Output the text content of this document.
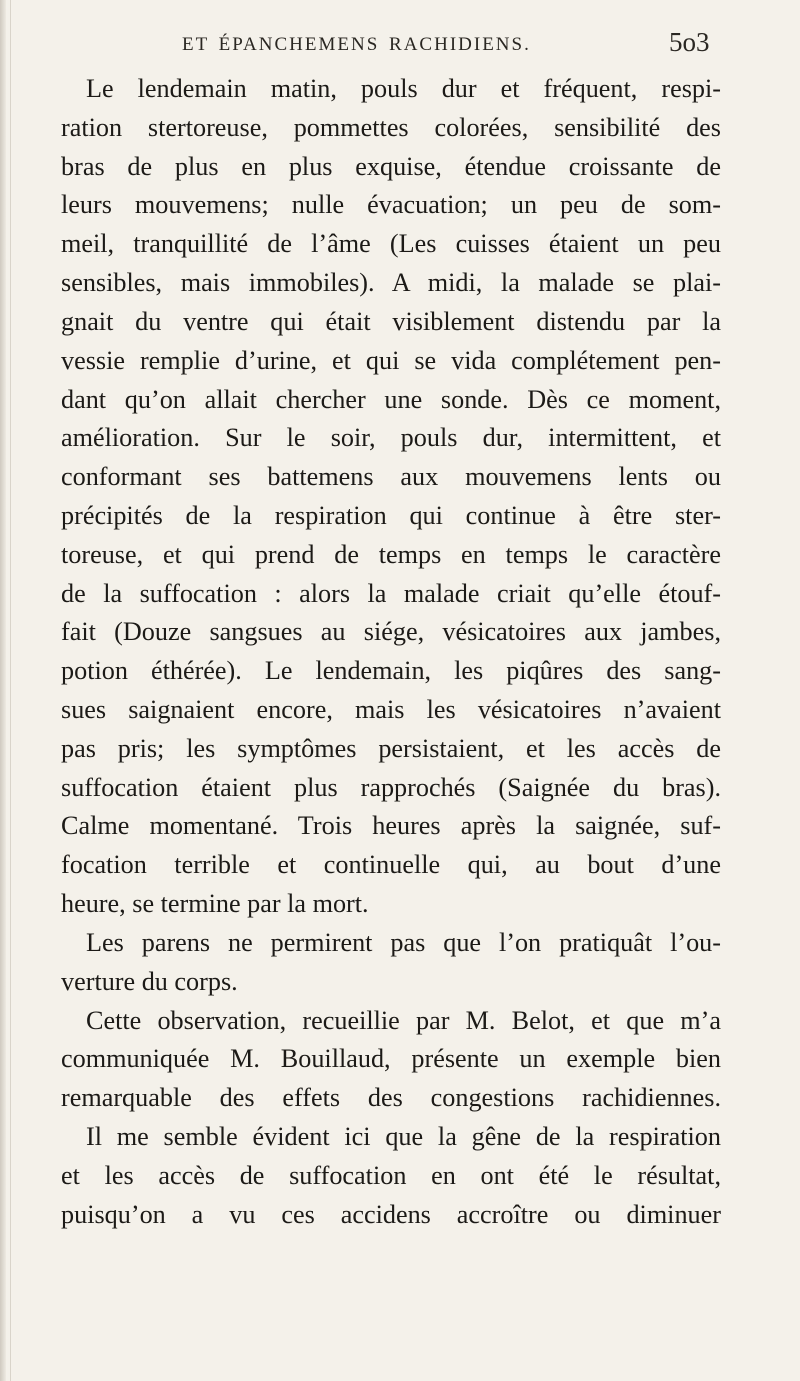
ET ÉPANCHEMENS RACHIDIENS.	5o3
Le lendemain matin, pouls dur et fréquent, respi-
ration stertoreuse, pommettes colorées, sensibilité des
bras de plus en plus exquise, étendue croissante de
leurs mouvemens; nulle évacuation; un peu de som-
meil, tranquillité de l’âme (Les cuisses étaient un peu
sensibles, mais immobiles). A midi, la malade se plai-
gnait du ventre qui était visiblement distendu par la
vessie remplie d’urine, et qui se vida complétement pen-
dant qu’on allait chercher une sonde. Dès ce moment,
amélioration. Sur le soir, pouls dur, intermittent, et
conformant ses battemens aux mouvemens lents ou
précipités de la respiration qui continue à être ster-
toreuse, et qui prend de temps en temps le caractère
de la suffocation : alors la malade criait qu’elle étouf-
fait (Douze sangsues au siége, vésicatoires aux jambes,
potion éthérée). Le lendemain, les piqûres des sang-
sues saignaient encore, mais les vésicatoires n’avaient
pas pris; les symptômes persistaient, et les accès de
suffocation étaient plus rapprochés (Saignée du bras).
Calme momentané. Trois heures après la saignée, suf-
focation terrible et continuelle qui, au bout d’une
heure, se termine par la mort.
Les parens ne permirent pas que l’on pratiquât l’ou-
verture du corps.
Cette observation, recueillie par M. Belot, et que m’a
communiquée M. Bouillaud, présente un exemple bien
remarquable des effets des congestions rachidiennes.
Il me semble évident ici que la gêne de la respiration
et les accès de suffocation en ont été le résultat,
puisqu’on a vu ces accidens accroître ou diminuer
